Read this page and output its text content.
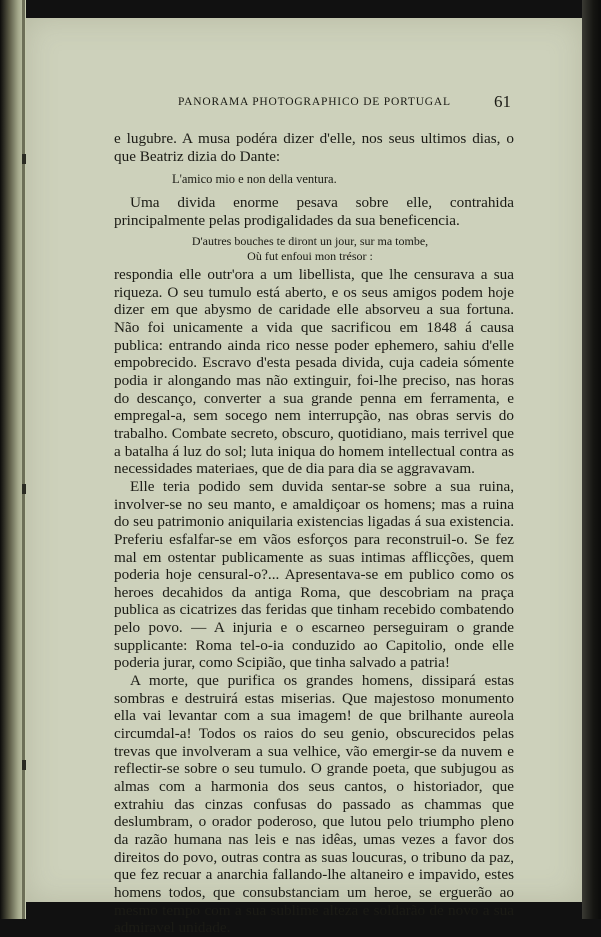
PANORAMA PHOTOGRAPHICO DE PORTUGAL	61
e lugubre. A musa podéra dizer d'elle, nos seus ultimos dias, o que Beatriz dizia do Dante:
L'amico mio e non della ventura.
Uma divida enorme pesava sobre elle, contrahida principalmente pelas prodigalidades da sua beneficencia.
D'autres bouches te diront un jour, sur ma tombe,
Où fut enfoui mon trésor :

respondia elle outr'ora a um libellista, que lhe censurava a sua riqueza. O seu tumulo está aberto, e os seus amigos podem hoje dizer em que abysmo de caridade elle absorveu a sua fortuna. Não foi unicamente a vida que sacrificou em 1848 á causa publica: entrando ainda rico nesse poder ephemero, sahiu d'elle empobrecido. Escravo d'esta pesada divida, cuja cadeia sómente podia ir alongando mas não extinguir, foi-lhe preciso, nas horas do descanço, converter a sua grande penna em ferramenta, e empregal-a, sem socego nem interrupção, nas obras servis do trabalho. Combate secreto, obscuro, quotidiano, mais terrivel que a batalha á luz do sol; luta iniqua do homem intellectual contra as necessidades materiaes, que de dia para dia se aggravavam.

Elle teria podido sem duvida sentar-se sobre a sua ruina, involver-se no seu manto, e amaldiçoar os homens; mas a ruina do seu patrimonio aniquilaria existencias ligadas á sua existencia. Preferiu esfalfar-se em vãos esforços para reconstruil-o. Se fez mal em ostentar publicamente as suas intimas afflicções, quem poderia hoje censural-o?... Apresentava-se em publico como os heroes decahidos da antiga Roma, que descobriam na praça publica as cicatrizes das feridas que tinham recebido combatendo pelo povo. — A injuria e o escarneo perseguiram o grande supplicante: Roma tel-o-ia conduzido ao Capitolio, onde elle poderia jurar, como Scipião, que tinha salvado a patria!

A morte, que purifica os grandes homens, dissipará estas sombras e destruirá estas miserias. Que majestoso monumento ella vai levantar com a sua imagem! de que brilhante aureola circumdal-a! Todos os raios do seu genio, obscurecidos pelas trevas que involveram a sua velhice, vão emergir-se da nuvem e reflectir-se sobre o seu tumulo. O grande poeta, que subjugou as almas com a harmonia dos seus cantos, o historiador, que extrahiu das cinzas confusas do passado as chammas que deslumbram, o orador poderoso, que lutou pelo triumpho pleno da razão humana nas leis e nas idêas, umas vezes a favor dos direitos do povo, outras contra as suas loucuras, o tribuno da paz, que fez recuar a anarchia fallando-lhe altaneiro e impavido, estes homens todos, que consubstanciam um heroe, se erguerão ao mesmo tempo com a sua sublime alteza e soldarão de novo a sua admiravel unidade.
